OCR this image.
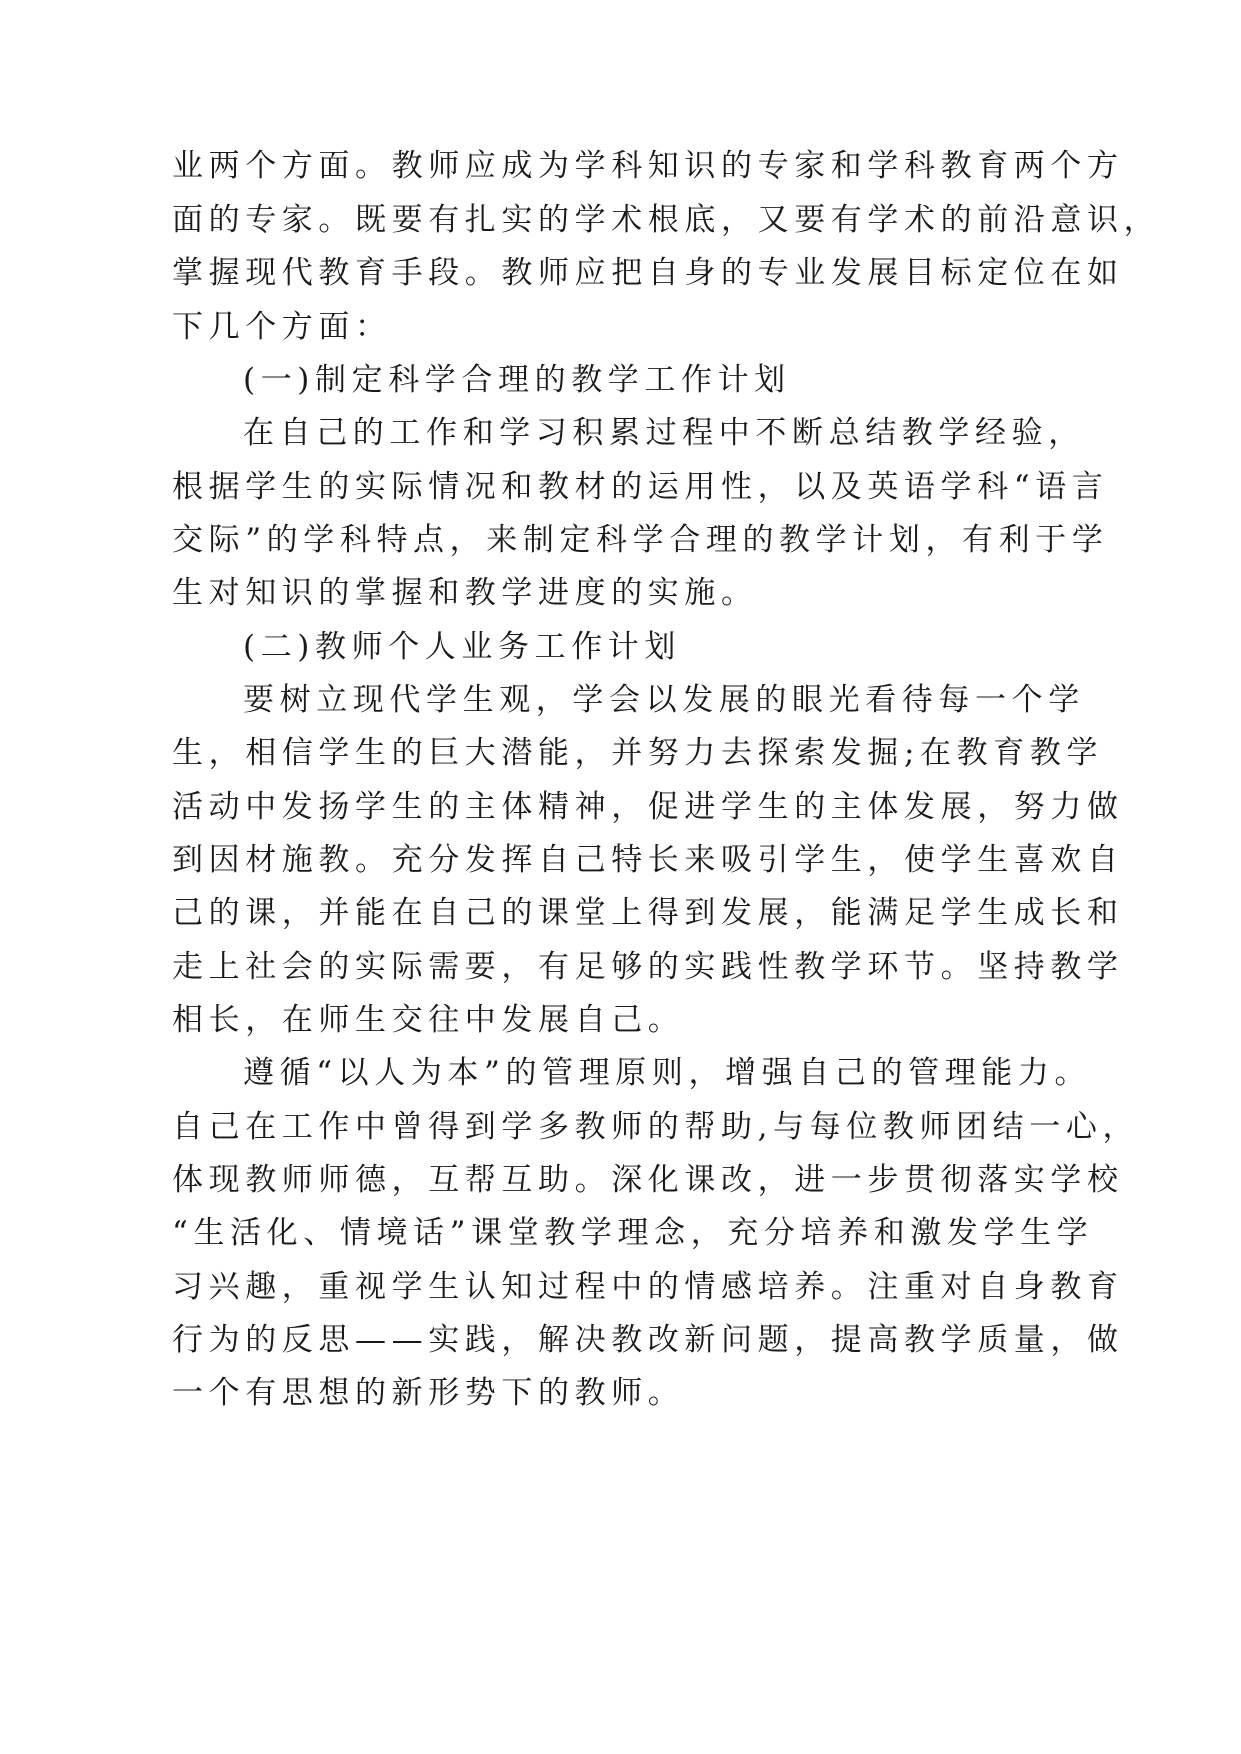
业两个方面。教师应成为学科知识的专家和学科教育两个方
面的专家。既要有扎实的学术根底，又要有学术的前沿意识，
掌握现代教育手段。教师应把自身的专业发展目标定位在如
下几个方面：
(一)制定科学合理的教学工作计划
在自己的工作和学习积累过程中不断总结教学经验，
根据学生的实际情况和教材的运用性，以及英语学科“语言
交际”的学科特点，来制定科学合理的教学计划，有利于学
生对知识的掌握和教学进度的实施。
(二)教师个人业务工作计划
要树立现代学生观，学会以发展的眼光看待每一个学
生，相信学生的巨大潜能，并努力去探索发掘;在教育教学
活动中发扬学生的主体精神，促进学生的主体发展，努力做
到因材施教。充分发挥自己特长来吸引学生，使学生喜欢自
己的课，并能在自己的课堂上得到发展，能满足学生成长和
走上社会的实际需要，有足够的实践性教学环节。坚持教学
相长，在师生交往中发展自己。
遵循“以人为本”的管理原则，增强自己的管理能力。
自己在工作中曾得到学多教师的帮助,与每位教师团结一心，
体现教师师德，互帮互助。深化课改，进一步贯彻落实学校
“生活化、情境话”课堂教学理念，充分培养和激发学生学
习兴趣，重视学生认知过程中的情感培养。注重对自身教育
行为的反思——实践，解决教改新问题，提高教学质量，做
一个有思想的新形势下的教师。
